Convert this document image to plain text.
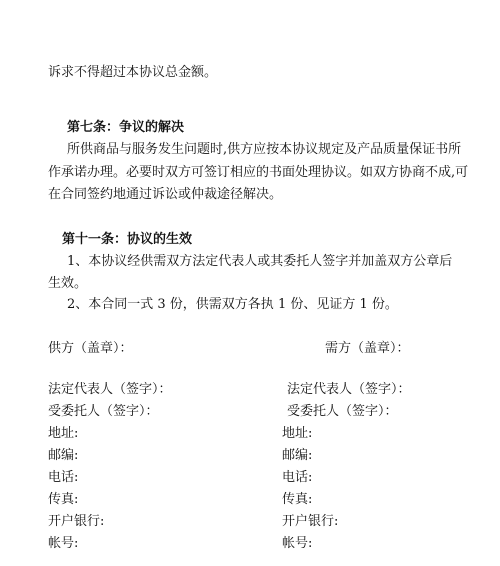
诉求不得超过本协议总金额。
第七条：争议的解决
所供商品与服务发生问题时,供方应按本协议规定及产品质量保证书所
作承诺办理。必要时双方可签订相应的书面处理协议。如双方协商不成,可
在合同签约地通过诉讼或仲裁途径解决。
第十一条：协议的生效
1、本协议经供需双方法定代表人或其委托人签字并加盖双方公章后
生效。
2、本合同一式 3 份，供需双方各执 1 份、见证方 1 份。
供方（盖章）：	需方（盖章）：
法定代表人（签字）：
受委托人（签字）：
地址:
邮编:
电话:
传真:
开户银行:
帐号:
法定代表人（签字）：
受委托人（签字）：
地址:
邮编:
电话:
传真:
开户银行:
帐号:
